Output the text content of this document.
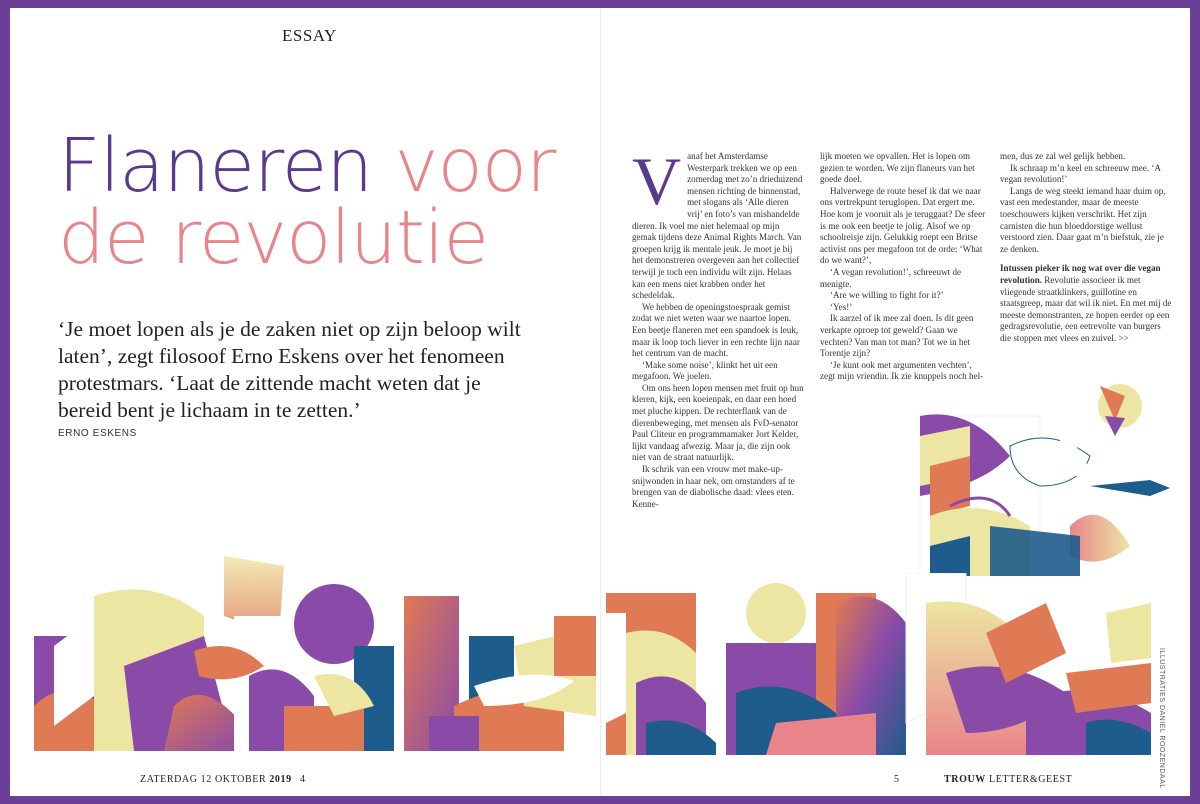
ESSAY
Flaneren voor
de revolutie
‘Je moet lopen als je de zaken niet op zijn beloop wilt laten’, zegt filosoof Erno Eskens over het fenomeen protestmars. ‘Laat de zittende macht weten dat je bereid bent je lichaam in te zetten.’
ERNO ESKENS
V anaf het Amsterdamse Westerpark trekken we op een zomerdag met zo’n drieduizend mensen richting de binnenstad, met slogans als ‘Alle dieren vrij’ en foto’s van mishandelde dieren. Ik voel me niet helemaal op mijn gemak tijdens deze Animal Rights March. Van groepen krijg ik mentale jeuk. Je moet je bij het demonstreren overgeven aan het collectief terwijl je toch een individu wilt zijn. Helaas kan een mens niet krabben onder het schedeldak.

We hebben de openingstoespraak gemist zodat we niet weten waar we naartoe lopen. Een beetje flaneren met een spandoek is leuk, maar ik loop toch liever in een rechte lijn naar het centrum van de macht.

‘Make some noise’, klinkt het uit een megafoon. We joelen.

Om ons heen lopen mensen met fruit op hun kleren, kijk, een koeienpak, en daar een hoed met pluche kippen. De rechterflank van de dierenbeweging, met mensen als FvD-senator Paul Cliteur en programmamaker Jort Kelder, lijkt vandaag afwezig. Maar ja, die zijn ook niet van de straat natuurlijk.

Ik schrik van een vrouw met make-up-snijwonden in haar nek, om omstanders af te brengen van de diabolische daad: vlees eten. Kenne-

lijk moeten we opvallen. Het is lopen om gezien te worden. We zijn flaneurs van het goede doel.

Halverwege de route besef ik dat we naar ons vertrekpunt teruglopen. Dat ergert me. Hoe kom je vooruit als je teruggaat? De sfeer is me ook een beetje te jolig. Alsof we op schoolreisje zijn. Gelukkig roept een Britse activist ons per megafoon tot de orde: ‘What do we want?’,

‘A vegan revolution!’, schreeuwt de menigte.

‘Are we willing to fight for it?’

‘Yes!’

Ik aarzel of ik mee zal doen. Is dit geen verkapte oproep tot geweld? Gaan we vechten? Van man tot man? Tot we in het Torentje zijn?

‘Je kunt ook met argumenten vechten’, zegt mijn vriendin. Ik zie knuppels noch hel-

men, dus ze zal wel gelijk hebben.

Ik schraap m’n keel en schreeuw mee. ‘A vegan revolution!’

Langs de weg steekt iemand haar duim op, vast een medestander, maar de meeste toeschouwers kijken verschrikt. Het zijn carnisten die hun bloeddorstige wellust verstoord zien. Daar gaat m’n biefstuk, zie je ze denken.

Intussen pieker ik nog wat over die vegan revolution. Revolutie associeer ik met vliegende straatklinkers, guillotine en staatsgreep, maar dat wil ik niet. En met mij de meeste demonstranten, ze hopen eerder op een gedragsrevolutie, een eetrevolte van burgers die stoppen met vlees en zuivel. >>

ILLUSTRATIES DANIEL ROOZENDAAL
ZATERDAG 12 OKTOBER 2019 4	5	TROUW LETTER&GEEST
